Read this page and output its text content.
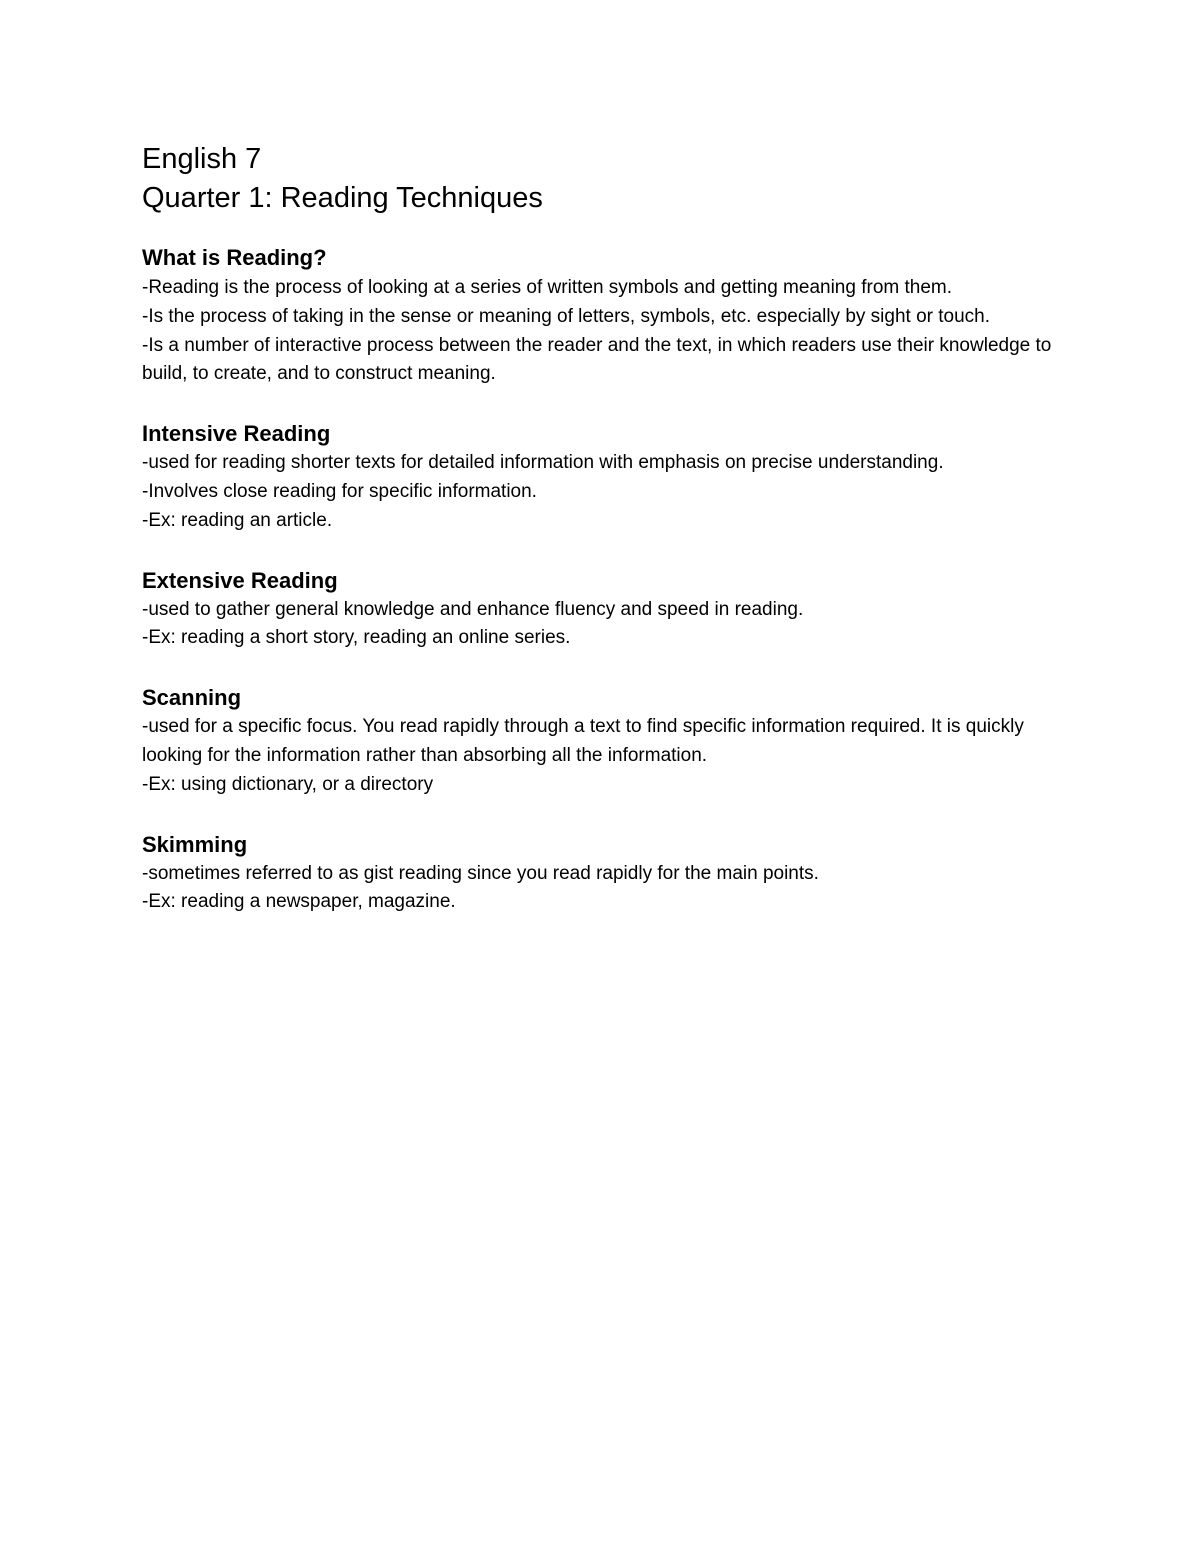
English 7
Quarter 1: Reading Techniques
What is Reading?

-Reading is the process of looking at a series of written symbols and getting meaning from them.

-Is the process of taking in the sense or meaning of letters, symbols, etc. especially by sight or touch.

-Is a number of interactive process between the reader and the text, in which readers use their knowledge to build, to create, and to construct meaning.

Intensive Reading

-used for reading shorter texts for detailed information with emphasis on precise understanding.

-Involves close reading for specific information.

-Ex: reading an article.

Extensive Reading

-used to gather general knowledge and enhance fluency and speed in reading.

-Ex: reading a short story, reading an online series.

Scanning

-used for a specific focus. You read rapidly through a text to find specific information required. It is quickly looking for the information rather than absorbing all the information.

-Ex: using dictionary, or a directory

Skimming

-sometimes referred to as gist reading since you read rapidly for the main points.

-Ex: reading a newspaper, magazine.
